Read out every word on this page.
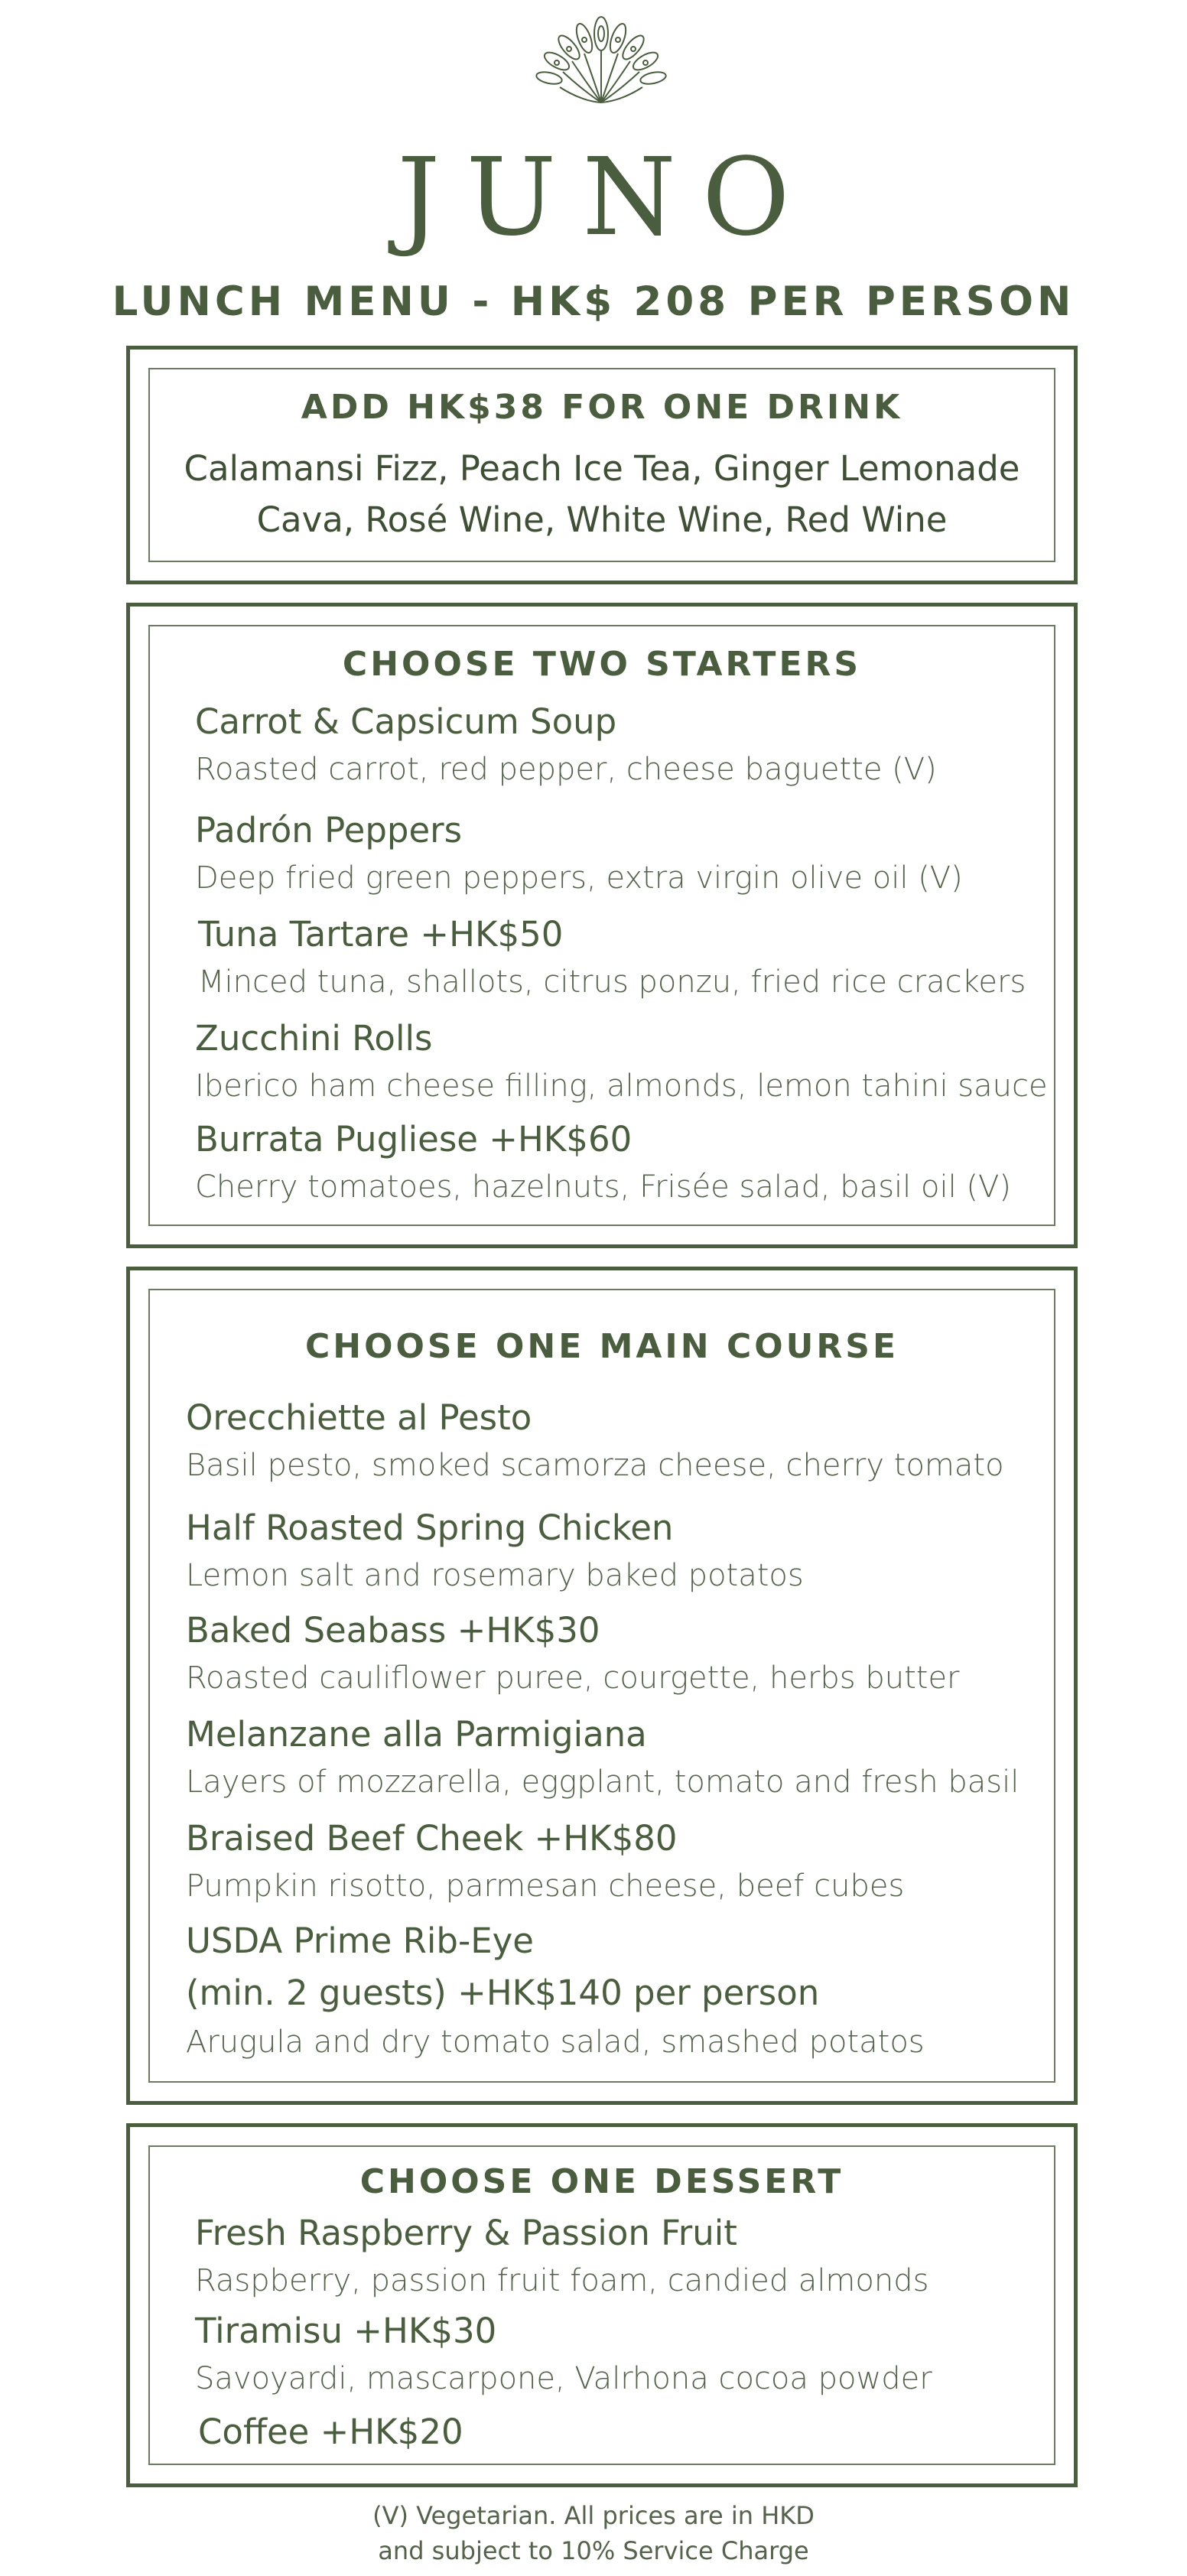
JUNO
LUNCH MENU - HK$ 208 PER PERSON
ADD HK$38 FOR ONE DRINK
Calamansi Fizz, Peach Ice Tea, Ginger Lemonade
Cava, Rosé Wine, White Wine, Red Wine
CHOOSE TWO STARTERS
Carrot & Capsicum Soup
Roasted carrot, red pepper, cheese baguette (V)
Padrón Peppers
Deep fried green peppers, extra virgin olive oil (V)
Tuna Tartare +HK$50
Minced tuna, shallots, citrus ponzu, fried rice crackers
Zucchini Rolls
Iberico ham cheese filling, almonds, lemon tahini sauce
Burrata Pugliese +HK$60
Cherry tomatoes, hazelnuts, Frisée salad, basil oil (V)
CHOOSE ONE MAIN COURSE
Orecchiette al Pesto
Basil pesto, smoked scamorza cheese, cherry tomato
Half Roasted Spring Chicken
Lemon salt and rosemary baked potatos
Baked Seabass +HK$30
Roasted cauliflower puree, courgette, herbs butter
Melanzane alla Parmigiana
Layers of mozzarella, eggplant, tomato and fresh basil
Braised Beef Cheek +HK$80
Pumpkin risotto, parmesan cheese, beef cubes
USDA Prime Rib-Eye
(min. 2 guests) +HK$140 per person
Arugula and dry tomato salad, smashed potatos
CHOOSE ONE DESSERT
Fresh Raspberry & Passion Fruit
Raspberry, passion fruit foam, candied almonds
Tiramisu +HK$30
Savoyardi, mascarpone, Valrhona cocoa powder
Coffee +HK$20
(V) Vegetarian. All prices are in HKD
and subject to 10% Service Charge
